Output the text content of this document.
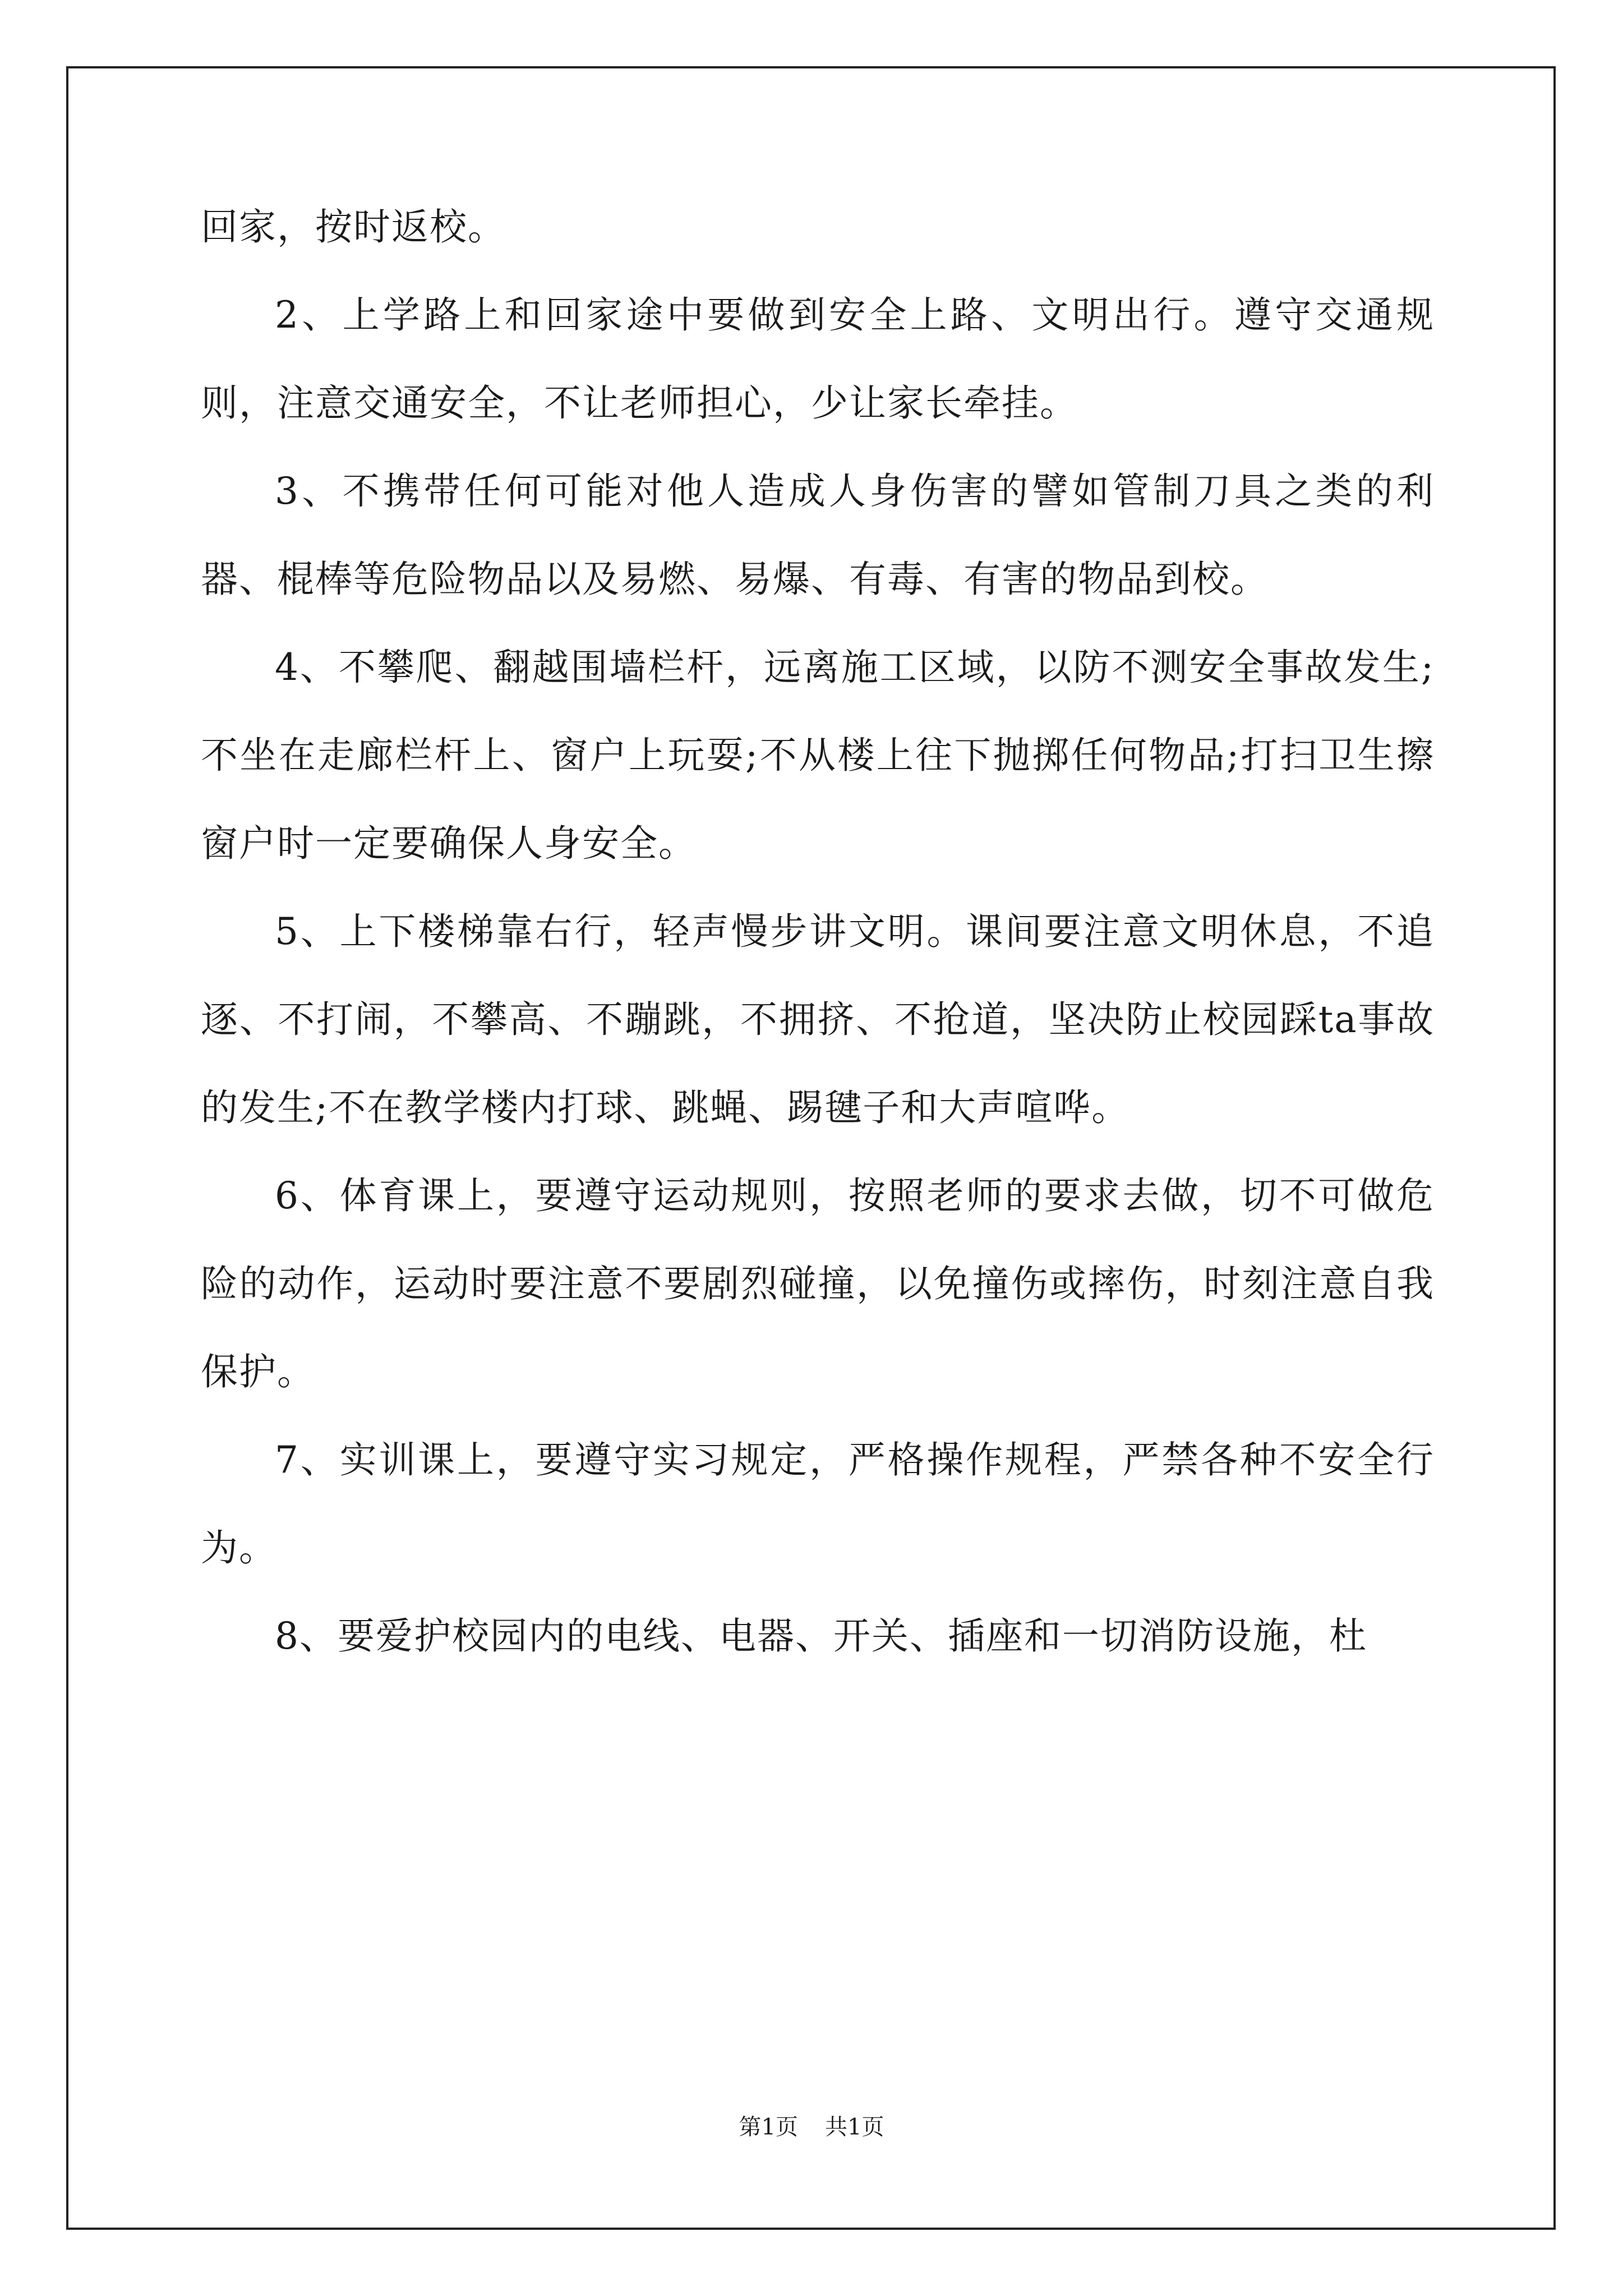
回家，按时返校。

2、上学路上和回家途中要做到安全上路、文明出行。遵守交通规则，注意交通安全，不让老师担心，少让家长牵挂。

3、不携带任何可能对他人造成人身伤害的譬如管制刀具之类的利器、棍棒等危险物品以及易燃、易爆、有毒、有害的物品到校。

4、不攀爬、翻越围墙栏杆，远离施工区域，以防不测安全事故发生;不坐在走廊栏杆上、窗户上玩耍;不从楼上往下抛掷任何物品;打扫卫生擦窗户时一定要确保人身安全。

5、上下楼梯靠右行，轻声慢步讲文明。课间要注意文明休息，不追逐、不打闹，不攀高、不蹦跳，不拥挤、不抢道，坚决防止校园踩ta事故的发生;不在教学楼内打球、跳蝇、踢毽子和大声喧哗。

6、体育课上，要遵守运动规则，按照老师的要求去做，切不可做危险的动作，运动时要注意不要剧烈碰撞，以免撞伤或摔伤，时刻注意自我保护。

7、实训课上，要遵守实习规定，严格操作规程，严禁各种不安全行为。

8、要爱护校园内的电线、电器、开关、插座和一切消防设施，杜

第1页 共1页
